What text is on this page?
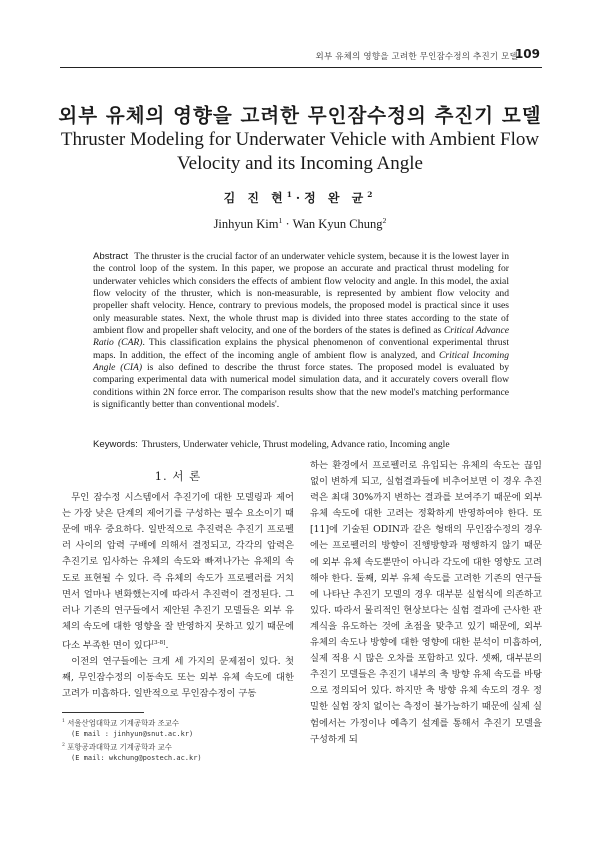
외부 유체의 영향을 고려한 무인잠수정의 추진기 모델
109
외부 유체의 영향을 고려한 무인잠수정의 추진기 모델
Thruster Modeling for Underwater Vehicle with Ambient Flow Velocity and its Incoming Angle
김 진 현$^1$·정 완 균$^2$
Jinhyun Kim$^1$ · Wan Kyun Chung$^2$
Abstract The thruster is the crucial factor of an underwater vehicle system, because it is the lowest layer in the control loop of the system. In this paper, we propose an accurate and practical thrust modeling for underwater vehicles which considers the effects of ambient flow velocity and angle. In this model, the axial flow velocity of the thruster, which is non-measurable, is represented by ambient flow velocity and propeller shaft velocity. Hence, contrary to previous models, the proposed model is practical since it uses only measurable states. Next, the whole thrust map is divided into three states according to the state of ambient flow and propeller shaft velocity, and one of the borders of the states is defined as Critical Advance Ratio (CAR). This classification explains the physical phenomenon of conventional experimental thrust maps. In addition, the effect of the incoming angle of ambient flow is analyzed, and Critical Incoming Angle (CIA) is also defined to describe the thrust force states. The proposed model is evaluated by comparing experimental data with numerical model simulation data, and it accurately covers overall flow conditions within 2N force error. The comparison results show that the new model's matching performance is significantly better than conventional models'.
Keywords: Thrusters, Underwater vehicle, Thrust modeling, Advance ratio, Incoming angle
1. 서 론

무인 잠수정 시스템에서 추진기에 대한 모델링과 제어는 가장 낮은 단계의 제어기를 구성하는 필수 요소이기 때문에 매우 중요하다. 일반적으로 추진력은 추진기 프로펠러 사이의 압력 구배에 의해서 결정되고, 각각의 압력은 추진기로 입사하는 유체의 속도와 빠져나가는 유체의 속도로 표현될 수 있다. 즉 유체의 속도가 프로펠러를 거치면서 얼마나 변화했는지에 따라서 추진력이 결정된다. 그러나 기존의 연구들에서 제안된 추진기 모델들은 외부 유체의 속도에 대한 영향을 잘 반영하지 못하고 있기 때문에 다소 부족한 면이 있다[3-8].

이전의 연구들에는 크게 세 가지의 문제점이 있다. 첫째, 무인잠수정의 이동속도 또는 외부 유체 속도에 대한 고려가 미흡하다. 일반적으로 무인잠수정이 구동

하는 환경에서 프로펠러로 유입되는 유체의 속도는 끊임없이 변하게 되고, 실험결과들에 비추어보면 이 경우 추진력은 최대 30%까지 변하는 결과를 보여주기 때문에 외부 유체 속도에 대한 고려는 정확하게 반영하여야 한다. 또 [11]에 기술된 ODIN과 같은 형태의 무인잠수정의 경우에는 프로펠러의 방향이 진행방향과 평행하지 않기 때문에 외부 유체 속도뿐만이 아니라 각도에 대한 영향도 고려해야 한다. 둘째, 외부 유체 속도를 고려한 기존의 연구들에 나타난 추진기 모델의 경우 대부분 실험식에 의존하고 있다. 따라서 물리적인 현상보다는 실험 결과에 근사한 관계식을 유도하는 것에 초점을 맞추고 있기 때문에, 외부 유체의 속도나 방향에 대한 영향에 대한 분석이 미흡하여, 실제 적용 시 많은 오차를 포함하고 있다. 셋째, 대부분의 추진기 모델들은 추진기 내부의 축 방향 유체 속도를 바탕으로 정의되어 있다. 하지만 축 방향 유체 속도의 경우 정밀한 실험 장치 없이는 측정이 불가능하기 때문에 실제 실험에서는 가정이나 예측기 설계를 통해서 추진기 모델을 구성하게 되

$^1$ 서울산업대학교 기계공학과 조교수
(E mail : jinhyun@snut.ac.kr)
$^2$ 포항공과대학교 기계공학과 교수
(E mail: wkchung@postech.ac.kr)
